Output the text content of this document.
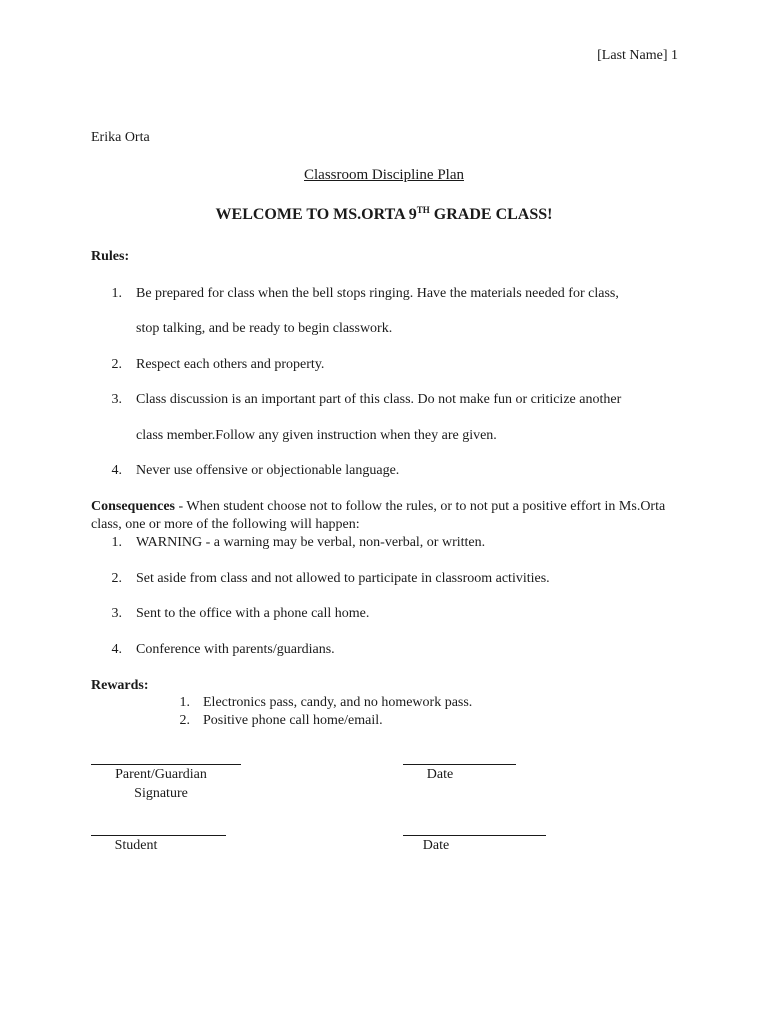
[Last Name] 1
Erika Orta
Classroom Discipline Plan
WELCOME TO MS.ORTA 9TH GRADE CLASS!
Rules:
1. Be prepared for class when the bell stops ringing. Have the materials needed for class,
stop talking, and be ready to begin classwork.
2. Respect each others and property.
3. Class discussion is an important part of this class. Do not make fun or criticize another
class member.Follow any given instruction when they are given.
4. Never use offensive or objectionable language.
Consequences - When student choose not to follow the rules, or to not put a positive effort in Ms.Orta class, one or more of the following will happen:
1. WARNING - a warning may be verbal, non-verbal, or written.
2. Set aside from class and not allowed to participate in classroom activities.
3. Sent to the office with a phone call home.
4. Conference with parents/guardians.
Rewards:
1. Electronics pass, candy, and no homework pass.
2. Positive phone call home/email.
Parent/Guardian
Signature
Date
Student	Date
